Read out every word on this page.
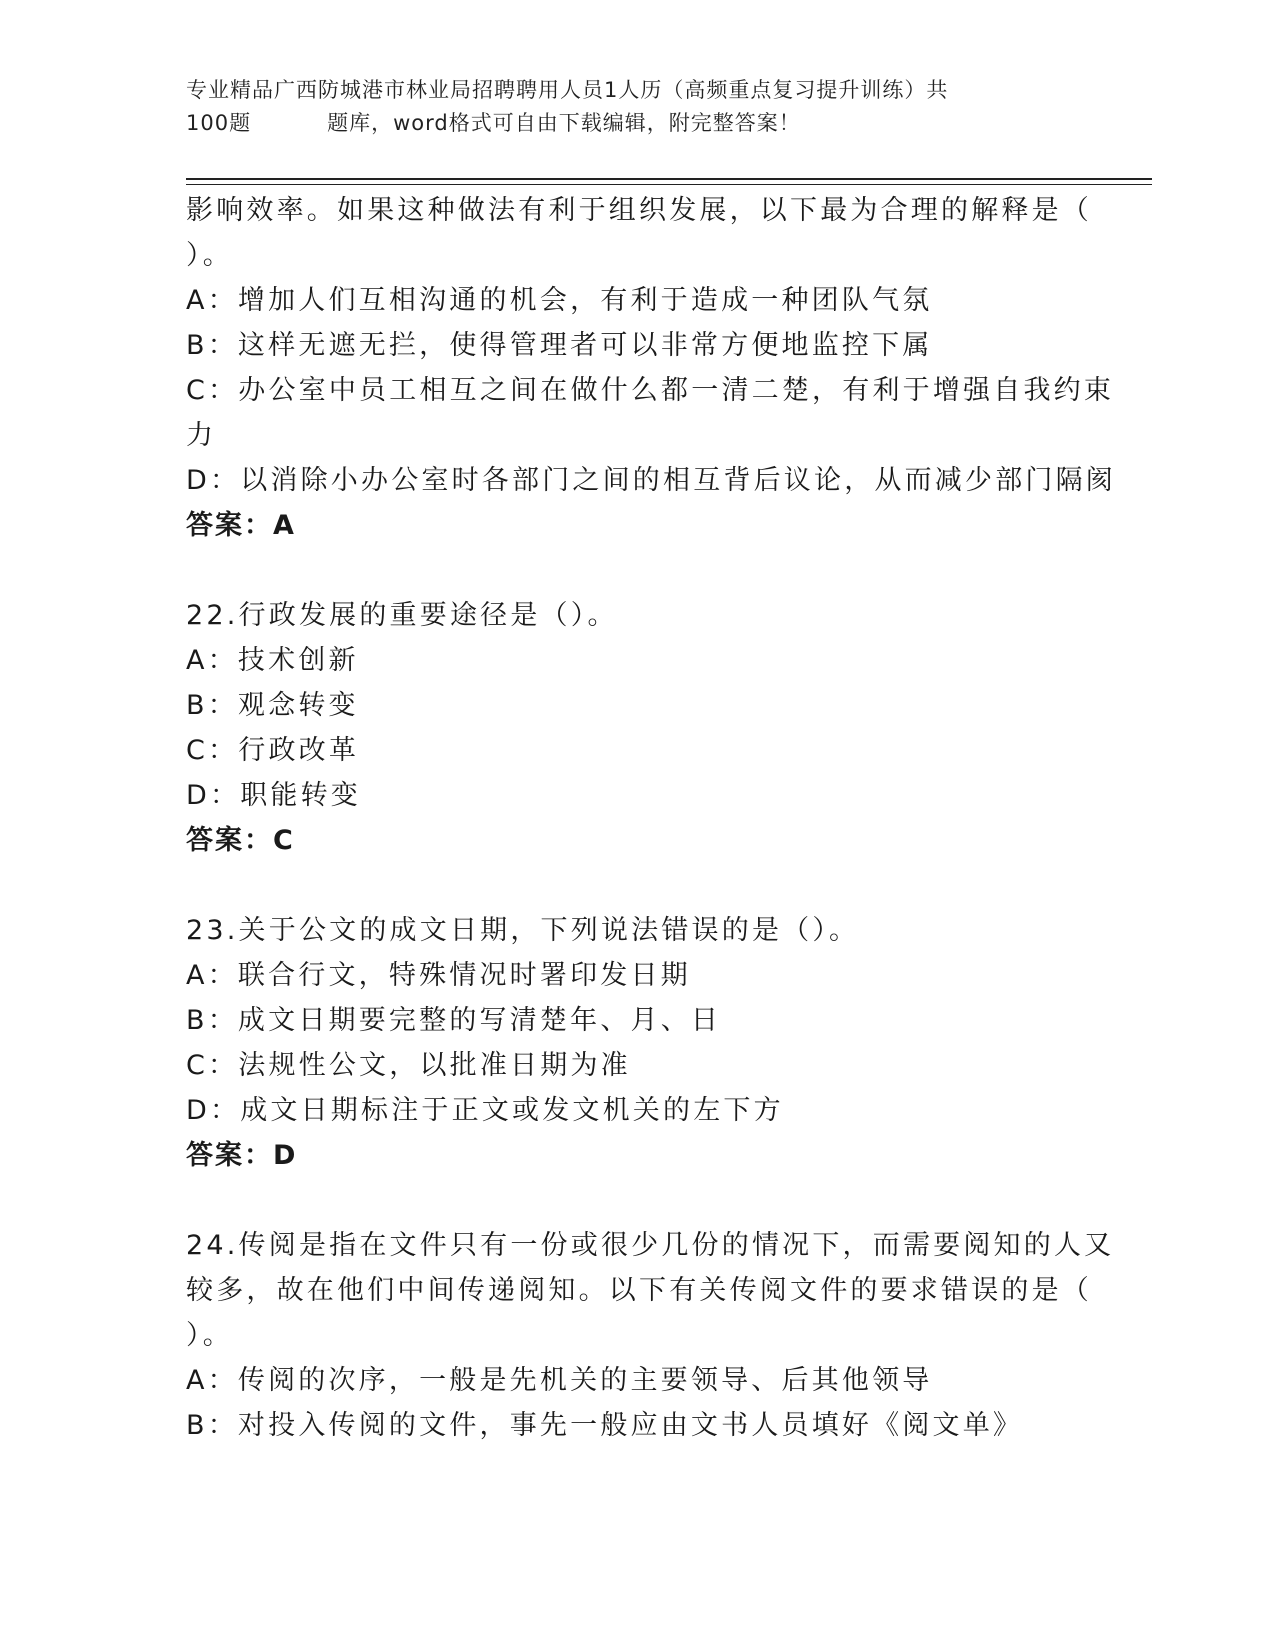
专业精品广西防城港市林业局招聘聘用人员1人历（高频重点复习提升训练）共
100题	题库，word格式可自由下载编辑，附完整答案！
影响效率。如果这种做法有利于组织发展，以下最为合理的解释是（
）。
A：增加人们互相沟通的机会，有利于造成一种团队气氛
B：这样无遮无拦，使得管理者可以非常方便地监控下属
C：办公室中员工相互之间在做什么都一清二楚，有利于增强自我约束
力
D：以消除小办公室时各部门之间的相互背后议论，从而减少部门隔阂
答案：A
22.行政发展的重要途径是（）。
A：技术创新
B：观念转变
C：行政改革
D：职能转变
答案：C
23.关于公文的成文日期，下列说法错误的是（）。
A：联合行文，特殊情况时署印发日期
B：成文日期要完整的写清楚年、月、日
C：法规性公文，以批准日期为准
D：成文日期标注于正文或发文机关的左下方
答案：D
24.传阅是指在文件只有一份或很少几份的情况下，而需要阅知的人又
较多，故在他们中间传递阅知。以下有关传阅文件的要求错误的是（
）。
A：传阅的次序，一般是先机关的主要领导、后其他领导
B：对投入传阅的文件，事先一般应由文书人员填好《阅文单》
